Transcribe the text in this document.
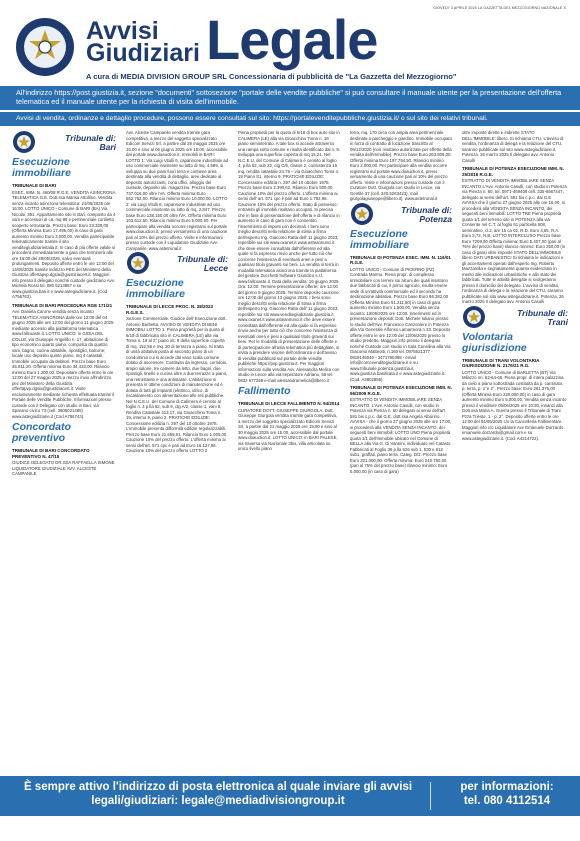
GIOVEDI' 3 APRILE 2025 LA GAZZETTA DEL MEZZOGIORNO NAZIONALE X
Avvisi
Giudiziari Legale
A cura di MEDIA DIVISION GROUP SRL Concessionaria di pubblicità de "La Gazzetta del Mezzogiorno"
All'indirizzo https://post.giustizia.it, sezione "documenti" sottosezione "portale delle vendite pubbliche" si può consultare il manuale utente per la presentazione dell'offerta telematica ed il manuale utente per la richiesta di visita dell'immobile.
Avvisi di vendita, ordinanze e dettaglio procedure, possono essere consultati sul sito: https://portalevenditepubbliche.giustizia.it/ o sul sito dei relativi tribunali.
Tribunale di:
Bari
Esecuzione immobiliare
TRIBUNALE DI BARI

ESEC. IMM. N. 460/08 R.G.E. VENDITA ASINCRONA TELEMATICA G.E. Dott.ssa Marisa Attollino. Vendita senza incanto asincrona telematica: 21/05/2025 ore 16:00. LOTTO UNICO - Comune di BARI (BA) Via Nicolai, 391. Appartamento sito in Bari, composto da 4 vani e accessori di ca. mq 98 e pertinenziale cortiletto scoperto retrostante. Prezzo base: Euro 23.328,00 (Offerta Minima Euro 17.496,00) in caso di gara aumento minimo Euro 3.000,00. Vendita partecipabile telematicamente tramite il sito venditegiudiziarieitalia.it. In caso di più offerte valide si procederà immediatamente a gara che terminerà alle ore 16:00 del 28/05/2025, salvo eventuali prolungamenti. Deposito offerte entro le ore 12:00 del 14/05/2025 tramite indirizzo PEC del Ministero della Giustizia offertapvp.dgsia@giustiziacert.it. Maggiori info presso il delegato nonché custode giudiziario Avv. Michela Rossi tel. 080 5213987 e su www.giustizia.bari.it e www.astegiudiziarie.it. (Cod A756763).

TRIBUNALE DI BARI PROCEDURA RGE 171/21

Avv. Daniela Carone vendita senza incanto TELEMATICA ASINCRONA dalle ore 12:00 del 04 giugno 2025 alle ore 12:00 del giorno 11 giugno 2025 mediante accesso alla piattaforma telematica www.fallcoaste.it. LOTTO UNICO: in GIOIA DEL COLLE, via Giuseppe Angelillo n. 17, abitazione di tipo economico quarto piano, composta da quattro vani, bagno, cucina abitabile, ripostiglio, balcone; locale uso deposito quinto piano, mq 4 catastali. Immobile occupato da debitori. Prezzo base Euro 45.911,20. Offerta minima Euro 34.433,00. Rilancio minimo Euro 1.200,00. Depositare offerta entro le ore 12:00 del 27 maggio 2025 a mezzo invio all'indirizzo pec del Ministero della Giustizia offertapvp.dgsia@giustiziacert.it. Visite esclusivamente mediante richiesta effettuata tramite il Portale delle Vendite Pubbliche. Informazioni presso custode con il Delegato con studio in Bari, via Sparano civico 73 (cell. 3806021485) www.astegiudiziarie.it (Cod A786743).

Concordato preventivo
TRIBUNALE DI BARI CONCORDATO PREVENTIVO N. 47/15

GIUDICE DELEGATO DR.SSA RAFFAELLA SIMONE LIQUIDATORE GIUDIZIALE AVV. ALCESTE CAMPANILE

Avv. Alceste Campanile vendita tramite gara competitiva, a mezzo del soggetto specializzato Edicom Servizi Srl, a partire dal 28 maggio 2025 ore 15.00 e sino al 06 giugno 2025 ore 15:00, accessibile dal portale www.doauction.it. Immobili in BARI: LOTTO 1: Via Luigi Vitulli 6, capannone industriale ad uso commerciale insistente su lotto di mq. 4.589, si sviluppa su due piani fuori terra e contiene area destinata alla vendita di dettaglio, aree dedicate al deposito autorizzanti, zona uffici, alloggio del custode, deposito olii, magazzino. Prezzo base Euro 737.016,00 oltre IVA. Offerta minima Euro 552.762,00. Rilancio minimo Euro 10.000,00. LOTTO 2: via Luigi Vitulli 6, capannone industriale ad uso commerciale insistente su lotto di mq. 2.847. Prezzo base Euro 138.150,00 oltre IVA. Offerta minima Euro 103.612,50. Rilancio minimo Euro 5.000,00. Per partecipare alla vendita occorre registrarsi sul portale www.doauction.it, previo versamento di una cauzione pari al 10% del prezzo offerto. Visite e informazioni presso custode con il Liquidatore Giudiziale Avv. Campanile, www.astetrunal.it

Tribunale di:
Lecce
Esecuzione immobiliare
TRIBUNALE DI LECCE PROC. N. 28/2023 R.G.E.S.

Sezione Commerciale. Giudice dell' Esecuzione dott. Antonio Barbetta. AVVISO DI VENDITA DI BENI IMMOBILI LOTTO 1. Piena proprietà per la quota di 6/18 di fabbricato sito in CALIMERA (LE) alla via Toma n. 19 al 2° piano int. 9 della superficie coperta di mq. 152,56 e mq. 30 di terrazza a piano. Si tratta di unità abitativa posta al secondo piano di un condominio cui si accede dal vano scala comune dotato di ascensore. Costituita da ingresso, corridoio, ampio salone, tre camere da letto, due bagni, due ripostigli, tinello e cucina oltre a due terrazze a piano, una retrostante e una antistante. L'abitazione si presenta in ottime condizioni di manutenzione ed è dotata di tutti gli impianti (elettrico, idrico, di riscaldamento con alimentazione alle reti pubbliche. Nel N.C.E.U. del Comune di Calimera è censito al foglio n. 4 p.lla 62, sub 9, ctg A/2, classe 1, vani 8, Rendita Catastale 413,17, via Gioacchino Toma n. 19, interno 9, piano 2. PRATICHE EDILIZIE: Concessione edilizia n. 297 del 10 ottobre 1978. L'immobile presenta difformità edilizie regolarizzabili. Prezzo base Euro 21.669,81. Rilancio Euro 1.000,00. Cauzione 10% del prezzo offerto. L'offerta minima ai sensi dell'art. 571 cpc è pari ad Euro 16.127,96. Cauzione 10% del prezzo offerto LOTTO 2

Piena proprietà per la quota di 6/18 di box auto sito in CALIMERA (LE) alla via Gioacchino Toma n. 19 piano seminterrato. A tale box si accede attraverso una rampa sotto comune e risulta identificato dal n. 9. Sviluppa una superficie coperta di mq 15,21. Nel N.C.E.U. del Comune di Calimera è censito al foglio 4, p.lla 62, sub 22, ctg C/6, classe 2, consistenza 16 mq, rendita catastale 24,79 – via Gioacchino Toma n. 19 Piano S1, interno 9. PRATICHE EDILIZIE: Concessione edilizia n. 297 del 10 ottobre 1978. Prezzo base Euro 2.390,62. Rilancio Euro 500,00. Cauzione 10% del prezzo offerto. L'offerta minima ai sensi dell' art. 571 cpc è pari ad Euro 1.792,96. Cauzione 10% del prezzo offerto. Stato di possesso: entrambi gli immobili risultano occupati. Si precisa che in fase di presentazione dell'offerta e di rilancio in aumento in caso di gara non è consentito l'inserimento di importi con decimali. I beni sono meglio descritti nella relazione di stima a firma dell'esperto Ing. Giacomo Ratta dell' 11 giugno 2023, reperibile sui siti www.oxanet.it www.asteannunci.it che deve essere consultata dall'offerente ed alla quale si fa espresso rinvio anche per tutto ciò che concerne l'esistenza di eventuali oneri e pesi a qualsiasi titolo gravanti sui beni. La vendita si terrà in modalità telematica asincrona tramite la piattaforma del gestore Zucchetti Software Giuridico s.r.l. www.fallcoaste.it. Data della vendita: 16 giugno 2025 Ora: 12:00. Termine presentazione offerte: ore 12:00 del giorno 9 giugno 2025. Termine deposito cauzione: ore 12:00 del giorno 13 giugno 2025. I beni sono meglio descritti nella relazione di stima a firma dell'esperto Ing. Giacomo Ratta dell' 11 giugno 2023, reperibile sui siti www.venditegiudiziarie.giustizia.it www.oxanet.it www.asteannunci.it che deve essere consultata dall'offerente ed alla quale si fa espresso rinvio anche per tutto ciò che concerne l'esistenza di eventuali oneri e pesi a qualsiasi titolo gravanti sui beni. Per le modalità di presentazione delle offerte e di partecipazione all'asta telematica più dettagliate, si invita a prendere visione dell'ordinanza e dell'avviso di vendita pubblicati sul portale delle vendite pubbliche https://pvp.giustizia.it. Per maggiori informazioni sulla vendita Avv. Alessandra Melica con studio in Lecce alla via Imperatore Adriano, 58 tel. 0832 677299 e-mail alessandramelica@libero.it

Fallimento
TRIBUNALE DI LECCE FALLIMENTO N. 94/2014

CURATORE DOTT. GIUSEPPE GIURGOLA. Dott. Giuseppe Giurgola vendita tramite gara competitiva, a mezzo del soggetto specializzato Edicom Servizi Srl, a partire dal 21 maggio 2025 ore 15.00 e sino al 30 maggio 2025 ore 15.00, accessibile dal portale www.doauction.it. LOTTO UNICO: in BARI PALESE, via traversa via Nazionale 3bis, villa articolata su unico livello piano

terra, mq. 170 circa con ampia area pertinenziale destinata a parcheggio e giardino. Immobile occupato in forza di contratto di locazione trascritto al 09/12/2020 (non risultano autorizzate per effetto della vendita dell'immobile). Prezzo base Euro 263.806,00. Offerta minima Euro 197.794,50. Rilancio minimo Euro 2.000,00. Per partecipare alla vendita occorre registrarsi sul portale www.doauction.it, previo versamento di una cauzione pari al 10% del prezzo offerto. Visite e informazioni presso custode con il Curatore Dott. Giurgola con studio in Lecce, via Gentile 37 (cell. 340.5263423), mail giurgolagiuseppe@libero.it), www.astetrunal.it

Tribunale di:
Potenza
Esecuzione immobiliare
TRIBUNALE DI POTENZA ESEC. IMM. N. 116/01 R.G.E.

LOTTO UNICO - Comune di PICERNO (PZ) Contrada Marmo. Piena propr. di complesso immobiliare con terreni sui alcuni dei quali insistono due fabbricati di cui, il primo agricolo, risulta essere sede di un'attività commerciale ed il secondo ha destinazione abitativa. Prezzo base Euro 66.282,00 (Offerta Minima Euro 51.211,50) in caso di gara aumento minimo Euro 1.500,00. Vendita senza incanto: 13/06/2025 ore 12:00. Inserimenti ed in presentazione depositi: Dott. Michele Iuliano presso lo studio dell'Avv. Francesco Canzoniere in Potenza alla Via Generale Alfonso Lamarmora n.33. Deposito offerte entro le ore 12:00 del 12/06/2025 presso lo studio predetto. Maggiori info presso il delegato nonché Custode con studio in Sala Consilina alla Via Giacomo Matteotti, n.160 tel. 0975521377 - 0818146046 - 3471790398 - email info@corcevenditegiudiziarie.it e su www.tribunale.potenza.giustizia.it, www.giustizia.basilicata.it e www.astegiudiziarie.it. (Cod. A3802855).

TRIBUNALE DI POTENZA ESECUZIONE IMM. N. 56/2009 R.G.E.

ESTRATTO DI VENDITA IMMOBILIARE SENZA INCANTO. L'Avv. Antonio Casulli, con studio in Potenza via Pienza n. 60 delegato ai sensi dell'art. 591 bis c.p.c. dal G.E. dott.ssa Angela Alborino. AVVISA - che il giorno 27 giugno 2025 alle ore 17:00, si procederà alla VENDITA SENZA INCANTO, dei seguenti beni immobili: LOTTO UNO Piena proprietà quota 1/1 dell'immobile ubicato nel Comune di BELLA alla Via G. Di Vannini, individuato nel Catasto Fabbricati al Foglio 36 p.lla 526 sub 1, 530 e 612 sub1, graffati, piano terra, Categ. D/2. Prezzo base Euro 321.000,00. Offerta minima: Euro 240.750,00 (pari al 75% del prezzo base) rilancio minimo: Euro 5.000,00 (in caso di gara)

oltre imposte dirette e indirette STATO DELL'IMMOBILE: libero. Si richiama CTU. L'avviso di vendita, l'ordinanza di delega e la relazione del CTU, saranno pubblicate sul sito www.astegiudiziarie.it. Potenza, 26 marzo 2025 Il delegato avv. Antonio Casulli

TRIBUNALE DI POTENZA ESECUZIONE IMM. N. 25/2016 R.G.E.

ESTRATTO DI VENDITA IMMOBILIARE SENZA INCANTO L'Avv. Antonio Casulli, con studio in Potenza via Pienza n. 60, tel. 0971-469408 cell. 335-6667447, delegato ai sensi dell'art. 591 bis c.p.c. dal G.E. AVVISA che il giorno 27 giugno 2025 alle ore 16,00, si procederà alla VENDITA SENZA INCANTO, dei seguenti beni immobili: LOTTO TRE Piena proprietà quota 1/1 del terreno sito in POTENZA alla via Consente nel C.T. al foglio 51 particella 608, seminativo, cl.2, are 15 ca 02, R.D. Euro 4,65, R.A. Euro 2,72, N.B. LOTTO INTERCLUSO Prezzo base Euro 7209,00 Offerta minima: Euro 5.407,00 (pari al 75% del prezzo base) rilancio minimo: Euro 250,00 (in caso di gara) oltre imposte STATO DELL'IMMOBILE libero DATI URBANISTICI Si richiama le indicazioni e gli accertamenti operati dall'esperto Ing. Roberto Mazzarella e segnatamente quanto evidenziato in merito alle indicazioni urbanistiche e allo stato dei fabbricati. Tutte le attività delegate si svolgeranno presso il domicilio del delegato. L'avviso di vendita, l'ordinanza di delega e la relazione del CTU, saranno pubblicate sul sito www.astegiudiziarie.it. Potenza, 26 marzo 2025 Il delegato avv. Antonio Casulli

Tribunale di:
Trani
Volontaria giurisdizione
TRIBUNALE DI TRANI VOLONTARIA GIURISDIZIONE N. 2176/21 R.G.

LOTTO UNICO - Comune di BARLETTA (BT) Via Milazzo nn. 62-64-66. Piena propr. di intera palazzina da cielo a piano sottostrada costituita da p. cantinato, p. terra, p. 1°e 2°. Prezzo base: Euro 261.375,00 (Offerta Minima Euro 220.000,00) in caso di gara aumento minimo Euro 5.000,00. Vendita senza incanto presso il venditore 05/06/2025 ore 10:30, innanzi alla Dott.ssa Maria A. Guerra presso il Tribunale di Trani Pzza Trieste, 1 - p. 2°. Deposito offerte entro le ore 12:00 del 04/06/2025 c/o la Cancelleria Fallimentare. Maggiori info c/o Liquidatore Avv Emanuele Dorzardo emanuele.dorzardo@gmail.com e su www.astegiudiziarie.it. (Cod. A4314722).

È sempre attivo l'indirizzo di posta elettronica al quale inviare gli avvisi legali/giudiziari: legale@mediadivisiongroup.it
per informazioni:
tel. 080 4112514
